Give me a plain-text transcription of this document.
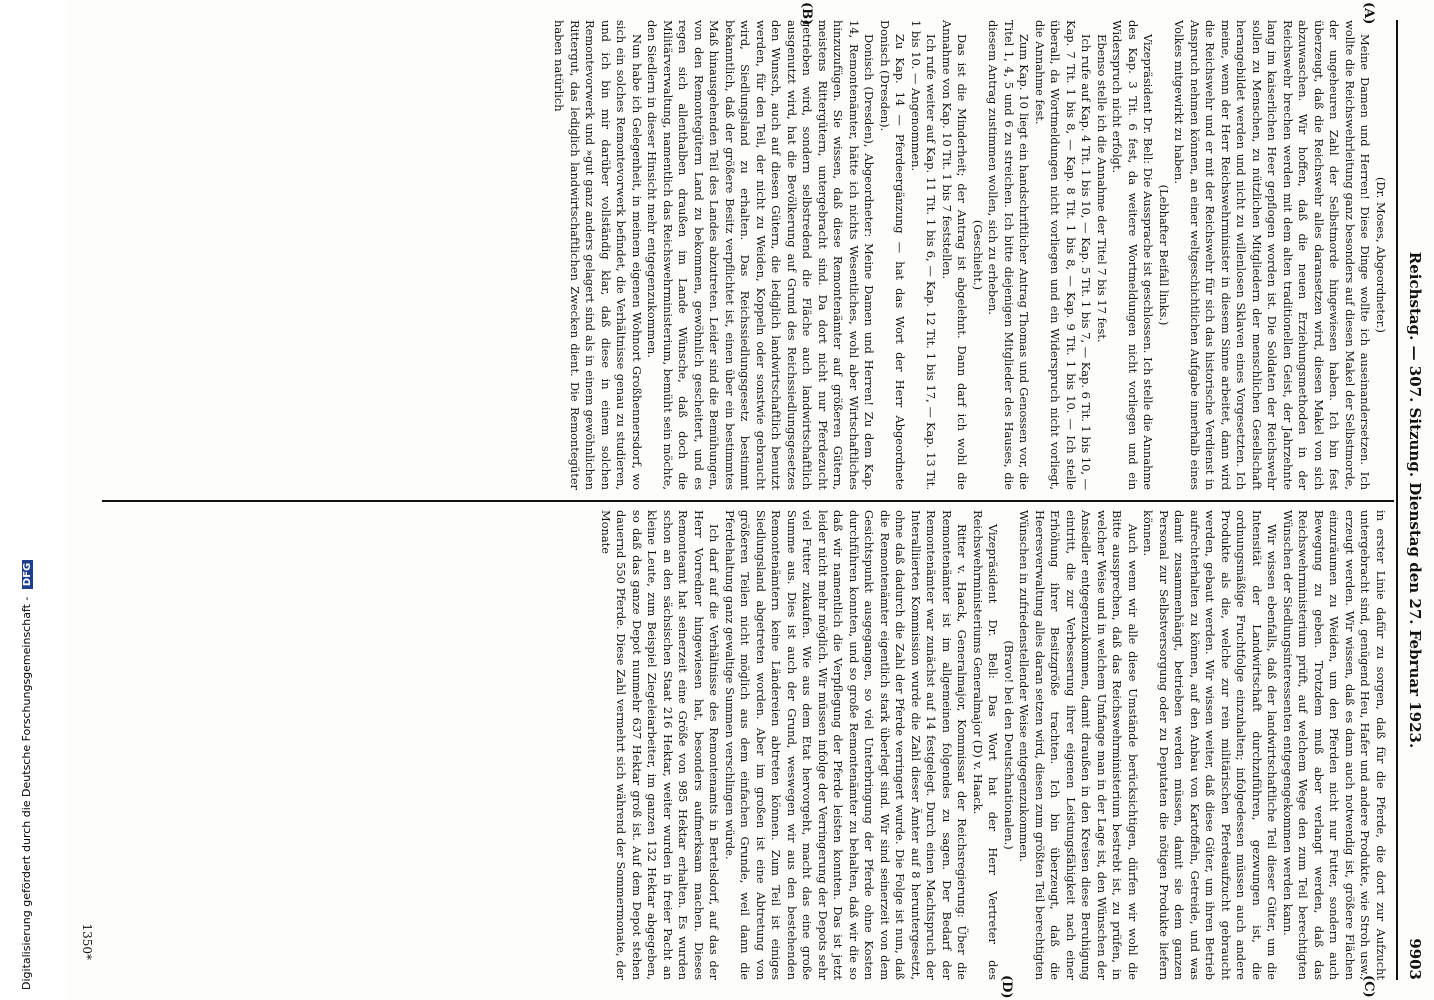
Reichstag. — 307. Sitzung. Dienstag den 27. Februar 1923.
9903
(A)
(B)
(C)
(D)

(Dr. Moses, Abgeordneter.)

Meine Damen und Herren! Diese Dinge wollte ich auseinandersetzen. Ich wollte die Reichswehrleitung ganz besonders auf diesen Makel der Selbstmorde, der ungeheuren Zahl der Selbstmorde hingewiesen haben. Ich bin fest überzeugt, daß die Reichswehr alles daransetzen wird, diesen Makel von sich abzuwaschen. Wir hoffen, daß die neuen Erziehungsmethoden in der Reichswehr brechen werden mit dem alten traditionellen Geist, der Jahrzehnte lang im kaiserlichen Heer gepflogen worden ist. Die Soldaten der Reichswehr sollen zu Menschen, zu nützlichen Mitgliedern der menschlichen Gesellschaft herangebildet werden und nicht zu willenlosen Sklaven eines Vorgesetzten. Ich meine, wenn der Herr Reichswehrminister in diesem Sinne arbeitet, dann wird die Reichswehr und er mit der Reichswehr für sich das historische Verdienst in Anspruch nehmen können, an einer weltgeschichtlichen Aufgabe innerhalb eines Volkes mitgewirkt zu haben.

(Lebhafter Beifall links.)

Vizepräsident Dr. Bell: Die Aussprache ist geschlossen. Ich stelle die Annahme des Kap. 3 Tit. 6 fest, da weitere Wortmeldungen nicht vorliegen und ein Widerspruch nicht erfolgt.

Ebenso stelle ich die Annahme der Titel 7 bis 17 fest.

Ich rufe auf Kap. 4 Tit. 1 bis 10, — Kap. 5 Tit. 1 bis 7, — Kap. 6 Tit. 1 bis 10, — Kap. 7 Tit. 1 bis 8, — Kap. 8 Tit. 1 bis 8, — Kap. 9 Tit. 1 bis 10. — Ich stelle überall, da Wortmeldungen nicht vorliegen und ein Widerspruch nicht vorliegt, die Annahme fest.

Zum Kap. 10 liegt ein handschriftlicher Antrag Thomas und Genossen vor, die Titel 1, 4, 5 und 6 zu streichen. Ich bitte diejenigen Mitglieder des Hauses, die diesem Antrag zustimmen wollen, sich zu erheben.

(Geschieht.)

Das ist die Minderheit; der Antrag ist abgelehnt. Dann darf ich wohl die Annahme von Kap. 10 Tit. 1 bis 7 feststellen.

Ich rufe weiter auf Kap. 11 Tit. 1 bis 6, — Kap. 12 Tit. 1 bis 17, — Kap. 13 Tit. 1 bis 10. — Angenommen.

Zu Kap. 14 — Pferdeergänzung — hat das Wort der Herr Abgeordnete Donisch (Dresden).

Donisch (Dresden), Abgeordneter: Meine Damen und Herren! Zu dem Kap. 14, Remontenämter, hätte ich nichts Wesentliches, wohl aber Wirtschaftliches hinzuzufügen. Sie wissen, daß diese Remontenämter auf größeren Gütern, meistens Rittergütern, untergebracht sind. Da dort nicht nur Pferdezucht getrieben wird, sondern selbstredend die Fläche auch landwirtschaftlich ausgenutzt wird, hat die Bevölkerung auf Grund des Reichssiedlungsgesetzes den Wunsch, auch auf diesen Gütern, die lediglich landwirtschaftlich benutzt werden, für den Teil, der nicht zu Weiden, Koppeln oder sonstwie gebraucht wird, Siedlungsland zu erhalten. Das Reichssiedlungsgesetz bestimmt bekanntlich, daß der größere Besitz verpflichtet ist, einen über ein bestimmtes Maß hinausgehenden Teil des Landes abzutreten. Leider sind die Bemühungen, von den Remontegütern Land zu bekommen, gewöhnlich gescheitert, und es regen sich allenthalben draußen im Lande Wünsche, daß doch die Militärverwaltung, namentlich das Reichswehrministerium, bemüht sein möchte, den Siedlern in dieser Hinsicht mehr entgegenzukommen.

Nun habe ich Gelegenheit, in meinem eigenen Wohnort Großhennersdorf, wo sich ein solches Remontevorwerk befindet, die Verhältnisse genau zu studieren, und ich bin mir darüber vollständig klar, daß diese in einem solchen Remontevorwerk und »gut ganz anders gelagert sind als in einem gewöhnlichen Rittergut, das lediglich landwirtschaftlichen Zwecken dient. Die Remontegüter haben natürlich

in erster Linie dafür zu sorgen, daß für die Pferde, die dort zur Aufzucht untergebracht sind, genügend Heu, Hafer und andere Produkte, wie Stroh usw., erzeugt werden. Wir wissen, daß es dann auch notwendig ist, größere Flächen einzuräumen zu Weiden, um den Pferden nicht nur Futter, sondern auch Bewegung zu geben. Trotzdem muß aber verlangt werden, daß das Reichswehrministerium prüft, auf welchem Wege den zum Teil berechtigten Wünschen der Siedlungsinteressenten entgegengekommen werden kann.

Wir wissen ebenfalls, daß der landwirtschaftliche Teil dieser Güter, um die Intensität der Landwirtschaft durchzuführen, gezwungen ist, die ordnungsmäßige Fruchtfolge einzuhalten; infolgedessen müssen auch andere Produkte als die, welche zur rein militärischen Pferdeaufzucht gebraucht werden, gebaut werden. Wir wissen weiter, daß diese Güter, um ihren Betrieb aufrechterhalten zu können, auf den Anbau von Kartoffeln, Getreide, und was damit zusammenhängt, betrieben werden müssen, damit sie dem ganzen Personal zur Selbstversorgung oder zu Deputaten die nötigen Produkte liefern können.

Auch wenn wir alle diese Umstände berücksichtigen, dürfen wir wohl die Bitte aussprechen, daß das Reichswehrministerium bestrebt ist, zu prüfen, in welcher Weise und in welchem Umfange man in der Lage ist, den Wünschen der Ansiedler entgegenzukommen, damit draußen in den Kreisen diese Beruhigung eintritt, die zur Verbesserung ihrer eigenen Leistungsfähigkeit nach einer Erhöhung ihrer Besitzgröße trachten. Ich bin überzeugt, daß die Heeresverwaltung alles daran setzen wird, diesen zum größten Teil berechtigten Wünschen in zufriedenstellender Weise entgegenzukommen.

(Bravo! bei den Deutschnationalen.)

Vizepräsident Dr. Bell: Das Wort hat der Herr Vertreter des Reichswehrministeriums Generalmajor (D) v. Haack.

Ritter v. Haack, Generalmajor, Kommissar der Reichsregierung: Über die Remontenämter ist im allgemeinen folgendes zu sagen. Der Bedarf der Remontenämter war zunächst auf 14 festgelegt. Durch einen Machtspruch der Interalliierten Kommission wurde die Zahl dieser Ämter auf 8 heruntergesetzt, ohne daß dadurch die Zahl der Pferde verringert wurde. Die Folge ist nun, daß die Remontenämter eigentlich stark überlegt sind. Wir sind seinerzeit von dem Gesichtspunkt ausgegangen, so viel Unterbringung der Pferde ohne Kosten durchführen konnten, und so große Remontenämter zu behalten, daß wir die so daß wir namentlich die Verpflegung der Pferde leisten konnten. Das ist jetzt leider nicht mehr möglich. Wir müssen infolge der Verringerung der Depots sehr viel Futter zukaufen. Wie aus dem Etat hervorgeht, macht das eine große Summe aus. Dies ist auch der Grund, weswegen wir aus den bestehenden Remontenämtern keine Ländereien abtreten können. Zum Teil ist einiges Siedlungsland abgetreten worden. Aber im großen ist eine Abtretung von größeren Teilen nicht möglich aus dem einfachen Grunde, weil dann die Pferdehaltung ganz gewaltige Summen verschlingen würde.

Ich darf auf die Verhältnisse des Remontenamts in Bertelsdorf, auf das der Herr Vorredner hingewiesen hat, besonders aufmerksam machen. Dieses Remonteamt hat seinerzeit eine Größe von 985 Hektar erhalten. Es wurden schon an den sächsischen Staat 216 Hektar, weiter wurden in freier Pacht an kleine Leute, zum Beispiel Ziegeleiarbeiter, im ganzen 132 Hektar abgegeben, so daß das ganze Depot nunmehr 637 Hektar groß ist. Auf dem Depot stehen dauernd 550 Pferde. Diese Zahl vermehrt sich während der Sommermonate, der Monate

1350*
Digitalisierung gefördert durch die Deutsche Forschungsgemeinschaft - DFG
